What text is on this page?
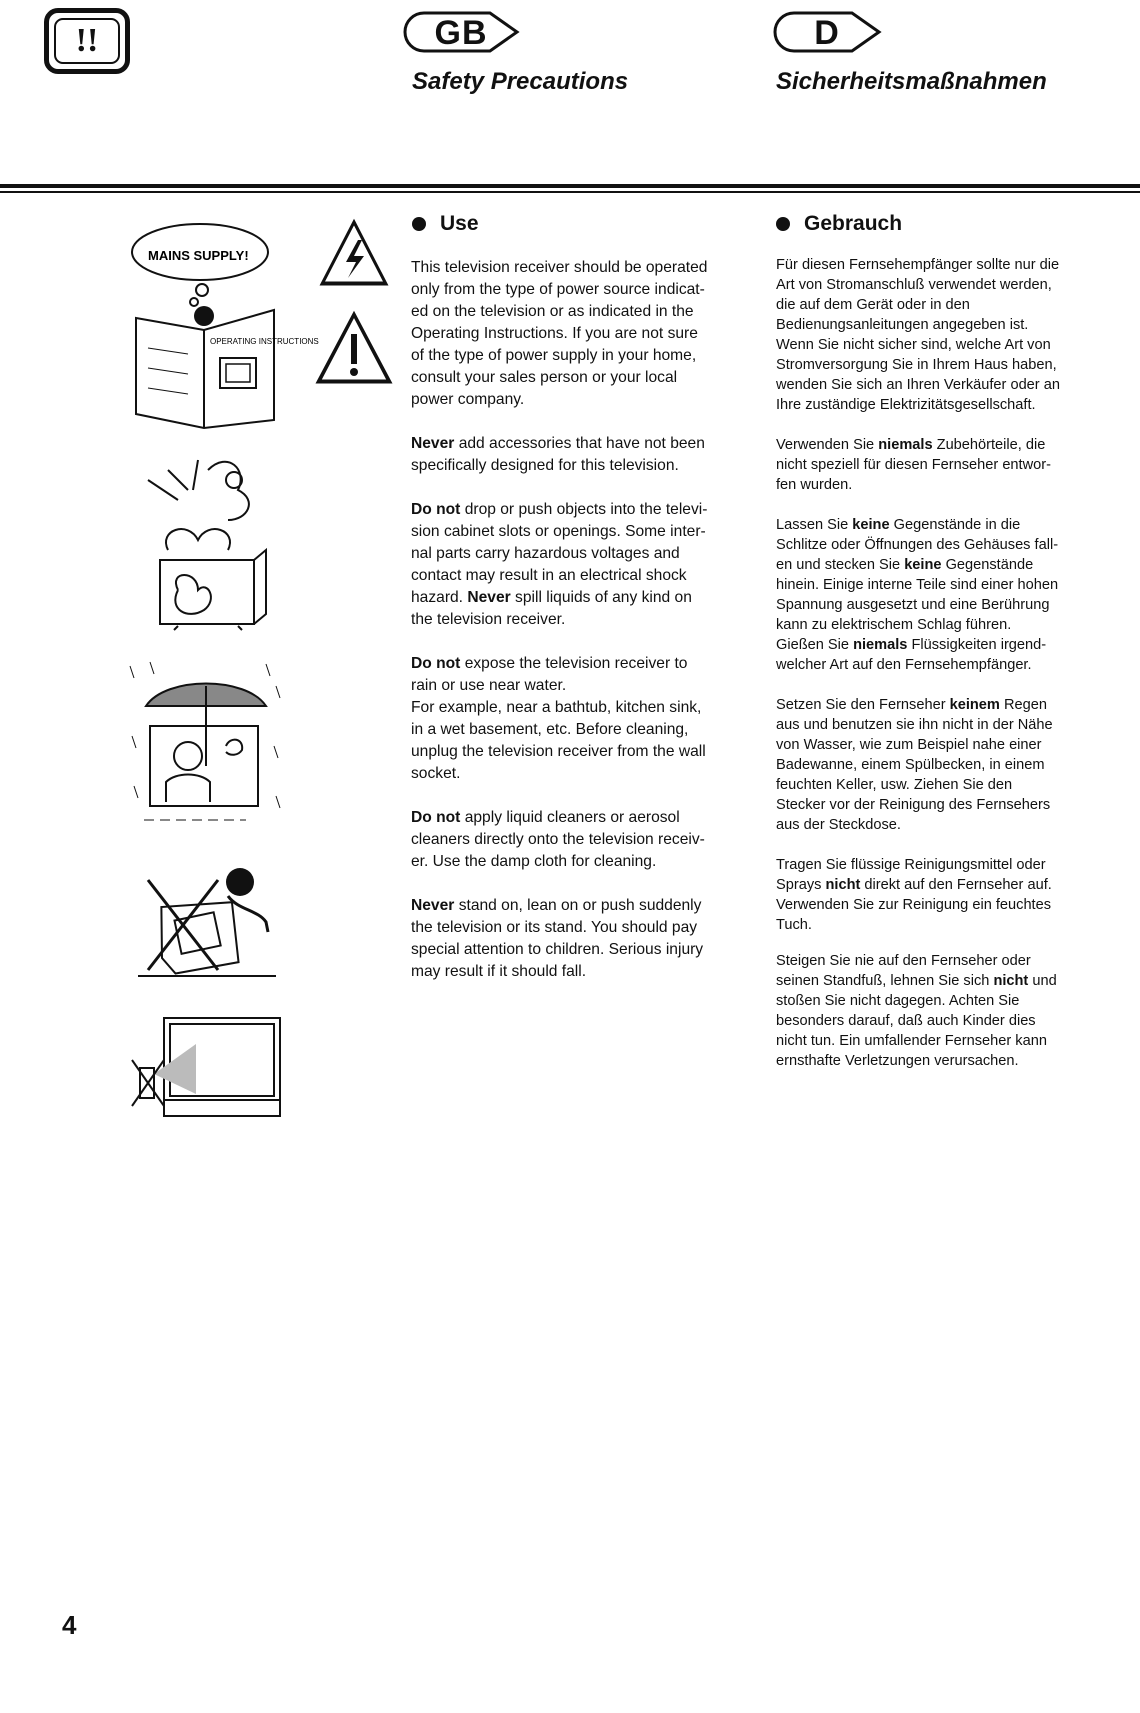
!!	GB
Safety Precautions
D
Sicherheitsmaßnahmen
MAINS SUPPLY!
OPERATING INSTRUCTIONS
Use
This television receiver should be operated
only from the type of power source indicat-
ed on the television or as indicated in the
Operating Instructions. If you are not sure
of the type of power supply in your home,
consult your sales person or your local
power company.
Never add accessories that have not been
specifically designed for this television.
Do not drop or push objects into the televi-
sion cabinet slots or openings. Some inter-
nal parts carry hazardous voltages and
contact may result in an electrical shock
hazard. Never spill liquids of any kind on
the television receiver.
Do not expose the television receiver to
rain or use near water.
For example, near a bathtub, kitchen sink,
in a wet basement, etc. Before cleaning,
unplug the television receiver from the wall
socket.
Do not apply liquid cleaners or aerosol
cleaners directly onto the television receiv-
er. Use the damp cloth for cleaning.
Never stand on, lean on or push suddenly
the television or its stand. You should pay
special attention to children. Serious injury
may result if it should fall.
Gebrauch
Für diesen Fernsehempfänger sollte nur die
Art von Stromanschluß verwendet werden,
die auf dem Gerät oder in den
Bedienungsanleitungen angegeben ist.
Wenn Sie nicht sicher sind, welche Art von
Stromversorgung Sie in Ihrem Haus haben,
wenden Sie sich an Ihren Verkäufer oder an
Ihre zuständige Elektrizitätsgesellschaft.
Verwenden Sie niemals Zubehörteile, die
nicht speziell für diesen Fernseher entwor-
fen wurden.
Lassen Sie keine Gegenstände in die
Schlitze oder Öffnungen des Gehäuses fall-
en und stecken Sie keine Gegenstände
hinein. Einige interne Teile sind einer hohen
Spannung ausgesetzt und eine Berührung
kann zu elektrischem Schlag führen.
Gießen Sie niemals Flüssigkeiten irgend-
welcher Art auf den Fernsehempfänger.
Setzen Sie den Fernseher keinem Regen
aus und benutzen sie ihn nicht in der Nähe
von Wasser, wie zum Beispiel nahe einer
Badewanne, einem Spülbecken, in einem
feuchten Keller, usw. Ziehen Sie den
Stecker vor der Reinigung des Fernsehers
aus der Steckdose.
Tragen Sie flüssige Reinigungsmittel oder
Sprays nicht direkt auf den Fernseher auf.
Verwenden Sie zur Reinigung ein feuchtes
Tuch.
Steigen Sie nie auf den Fernseher oder
seinen Standfuß, lehnen Sie sich nicht und
stoßen Sie nicht dagegen. Achten Sie
besonders darauf, daß auch Kinder dies
nicht tun. Ein umfallender Fernseher kann
ernsthafte Verletzungen verursachen.
4
